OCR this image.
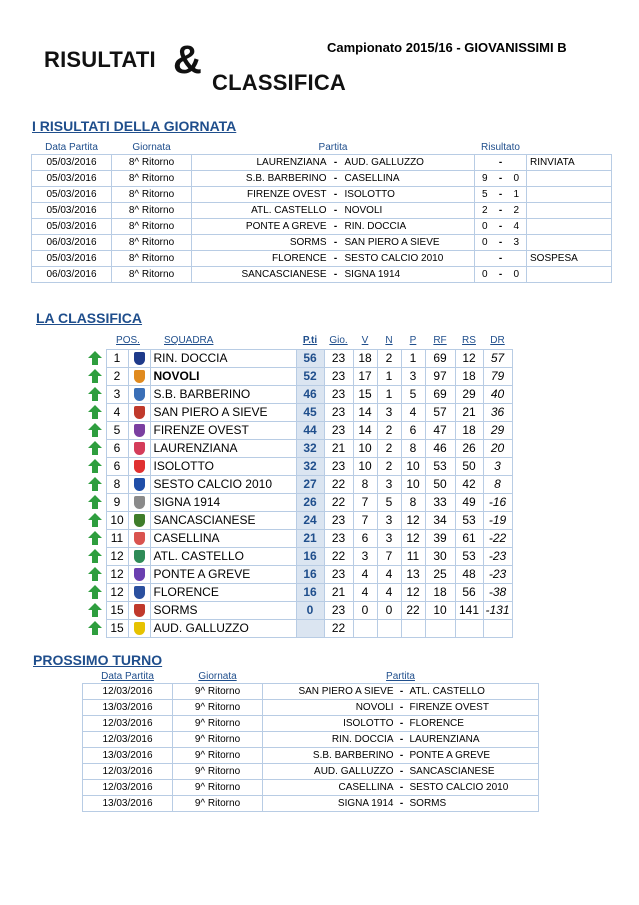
RISULTATI &
CLASSIFICA
Campionato 2015/16 - GIOVANISSIMI B
I RISULTATI DELLA GIORNATA
Data Partita	Giornata	Partita			Risultato			
05/03/2016	8^ Ritorno	LAURENZIANA	-	AUD. GALLUZZO		-		RINVIATA
05/03/2016	8^ Ritorno	S.B. BARBERINO	-	CASELLINA	9	-	0	
05/03/2016	8^ Ritorno	FIRENZE OVEST	-	ISOLOTTO	5	-	1	
05/03/2016	8^ Ritorno	ATL. CASTELLO	-	NOVOLI	2	-	2	
05/03/2016	8^ Ritorno	PONTE A GREVE	-	RIN. DOCCIA	0	-	4	
06/03/2016	8^ Ritorno	SORMS	-	SAN PIERO A SIEVE	0	-	3	
05/03/2016	8^ Ritorno	FLORENCE	-	SESTO CALCIO 2010		-		SOSPESA
06/03/2016	8^ Ritorno	SANCASCIANESE	-	SIGNA 1914	0	-	0	
LA CLASSIFICA
	POS.		SQUADRA	P.ti	Gio.	V	N	P	RF	RS	DR
	1		RIN. DOCCIA	56	23	18	2	1	69	12	57
	2		NOVOLI	52	23	17	1	3	97	18	79
	3		S.B. BARBERINO	46	23	15	1	5	69	29	40
	4		SAN PIERO A SIEVE	45	23	14	3	4	57	21	36
	5		FIRENZE OVEST	44	23	14	2	6	47	18	29
	6		LAURENZIANA	32	21	10	2	8	46	26	20
	6		ISOLOTTO	32	23	10	2	10	53	50	3
	8		SESTO CALCIO 2010	27	22	8	3	10	50	42	8
	9		SIGNA 1914	26	22	7	5	8	33	49	-16
	10		SANCASCIANESE	24	23	7	3	12	34	53	-19
	11		CASELLINA	21	23	6	3	12	39	61	-22
	12		ATL. CASTELLO	16	22	3	7	11	30	53	-23
	12		PONTE A GREVE	16	23	4	4	13	25	48	-23
	12		FLORENCE	16	21	4	4	12	18	56	-38
	15		SORMS	0	23	0	0	22	10	141	-131
	15		AUD. GALLUZZO		22						
PROSSIMO TURNO
Data Partita	Giornata	Partita		
12/03/2016	9^ Ritorno	SAN PIERO A SIEVE	-	ATL. CASTELLO
13/03/2016	9^ Ritorno	NOVOLI	-	FIRENZE OVEST
12/03/2016	9^ Ritorno	ISOLOTTO	-	FLORENCE
12/03/2016	9^ Ritorno	RIN. DOCCIA	-	LAURENZIANA
13/03/2016	9^ Ritorno	S.B. BARBERINO	-	PONTE A GREVE
12/03/2016	9^ Ritorno	AUD. GALLUZZO	-	SANCASCIANESE
12/03/2016	9^ Ritorno	CASELLINA	-	SESTO CALCIO 2010
13/03/2016	9^ Ritorno	SIGNA 1914	-	SORMS
